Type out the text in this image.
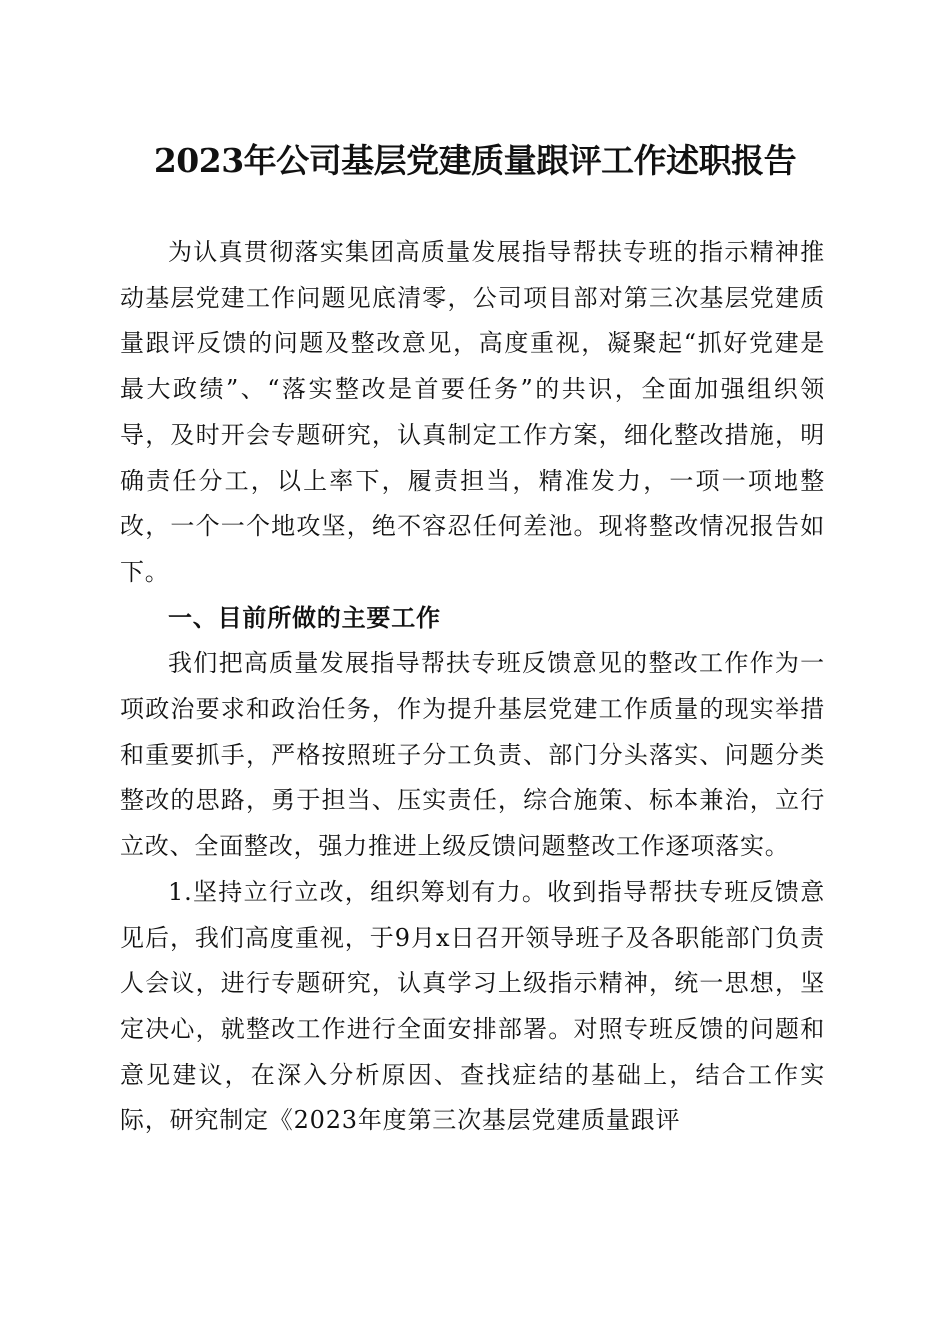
2023年公司基层党建质量跟评工作述职报告

为认真贯彻落实集团高质量发展指导帮扶专班的指示精神推动基层党建工作问题见底清零，公司项目部对第三次基层党建质量跟评反馈的问题及整改意见，高度重视，凝聚起“抓好党建是最大政绩”、“落实整改是首要任务”的共识，全面加强组织领导，及时开会专题研究，认真制定工作方案，细化整改措施，明确责任分工，以上率下，履责担当，精准发力，一项一项地整改，一个一个地攻坚，绝不容忍任何差池。现将整改情况报告如下。

一、目前所做的主要工作

我们把高质量发展指导帮扶专班反馈意见的整改工作作为一项政治要求和政治任务，作为提升基层党建工作质量的现实举措和重要抓手，严格按照班子分工负责、部门分头落实、问题分类整改的思路，勇于担当、压实责任，综合施策、标本兼治，立行立改、全面整改，强力推进上级反馈问题整改工作逐项落实。

1.坚持立行立改，组织筹划有力。收到指导帮扶专班反馈意见后，我们高度重视，于9月x日召开领导班子及各职能部门负责人会议，进行专题研究，认真学习上级指示精神，统一思想，坚定决心，就整改工作进行全面安排部署。对照专班反馈的问题和意见建议，在深入分析原因、查找症结的基础上，结合工作实际，研究制定《2023年度第三次基层党建质量跟评
